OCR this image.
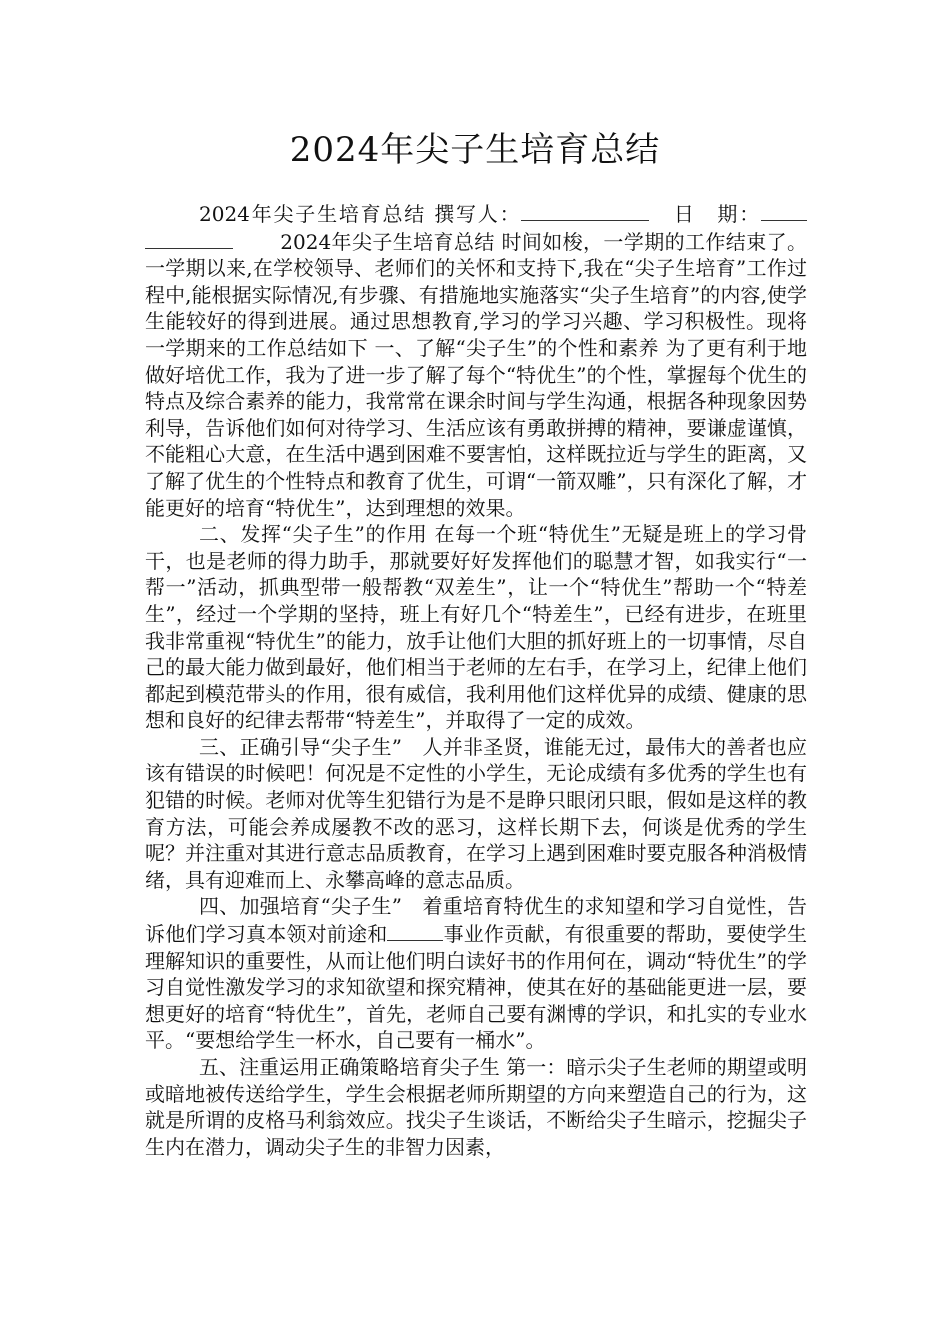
2024年尖子生培育总结

2024年尖子生培育总结 撰写人：	日　期：       2024年尖子生培育总结 时间如梭，一学期的工作结束了。一学期以来,在学校领导、老师们的关怀和支持下,我在“尖子生培育”工作过程中,能根据实际情况,有步骤、有措施地实施落实“尖子生培育”的内容,使学生能较好的得到进展。通过思想教育,学习的学习兴趣、学习积极性。现将一学期来的工作总结如下 一、了解“尖子生”的个性和素养 为了更有利于地做好培优工作，我为了进一步了解了每个“特优生”的个性，掌握每个优生的特点及综合素养的能力，我常常在课余时间与学生沟通，根据各种现象因势利导，告诉他们如何对待学习、生活应该有勇敢拼搏的精神，要谦虚谨慎，不能粗心大意，在生活中遇到困难不要害怕，这样既拉近与学生的距离，又了解了优生的个性特点和教育了优生，可谓“一箭双雕”，只有深化了解，才能更好的培育“特优生”，达到理想的效果。

二、发挥“尖子生”的作用 在每一个班“特优生”无疑是班上的学习骨干，也是老师的得力助手，那就要好好发挥他们的聪慧才智，如我实行“一帮一”活动，抓典型带一般帮教“双差生”，让一个“特优生”帮助一个“特差生”，经过一个学期的坚持，班上有好几个“特差生”，已经有进步，在班里我非常重视“特优生”的能力，放手让他们大胆的抓好班上的一切事情，尽自己的最大能力做到最好，他们相当于老师的左右手，在学习上，纪律上他们都起到模范带头的作用，很有威信，我利用他们这样优异的成绩、健康的思想和良好的纪律去帮带“特差生”，并取得了一定的成效。

三、正确引导“尖子生”　人并非圣贤，谁能无过，最伟大的善者也应该有错误的时候吧！何况是不定性的小学生，无论成绩有多优秀的学生也有犯错的时候。老师对优等生犯错行为是不是睁只眼闭只眼，假如是这样的教育方法，可能会养成屡教不改的恶习，这样长期下去，何谈是优秀的学生呢？并注重对其进行意志品质教育，在学习上遇到困难时要克服各种消极情绪，具有迎难而上、永攀高峰的意志品质。

四、加强培育“尖子生”　着重培育特优生的求知望和学习自觉性，告诉他们学习真本领对前途和	事业作贡献，有很重要的帮助，要使学生理解知识的重要性，从而让他们明白读好书的作用何在，调动“特优生”的学习自觉性激发学习的求知欲望和探究精神，使其在好的基础能更进一层，要想更好的培育“特优生”，首先，老师自己要有渊博的学识，和扎实的专业水平。“要想给学生一杯水，自己要有一桶水”。

五、注重运用正确策略培育尖子生 第一：暗示尖子生老师的期望或明或暗地被传送给学生，学生会根据老师所期望的方向来塑造自己的行为，这就是所谓的皮格马利翁效应。找尖子生谈话，不断给尖子生暗示，挖掘尖子生内在潜力，调动尖子生的非智力因素，
